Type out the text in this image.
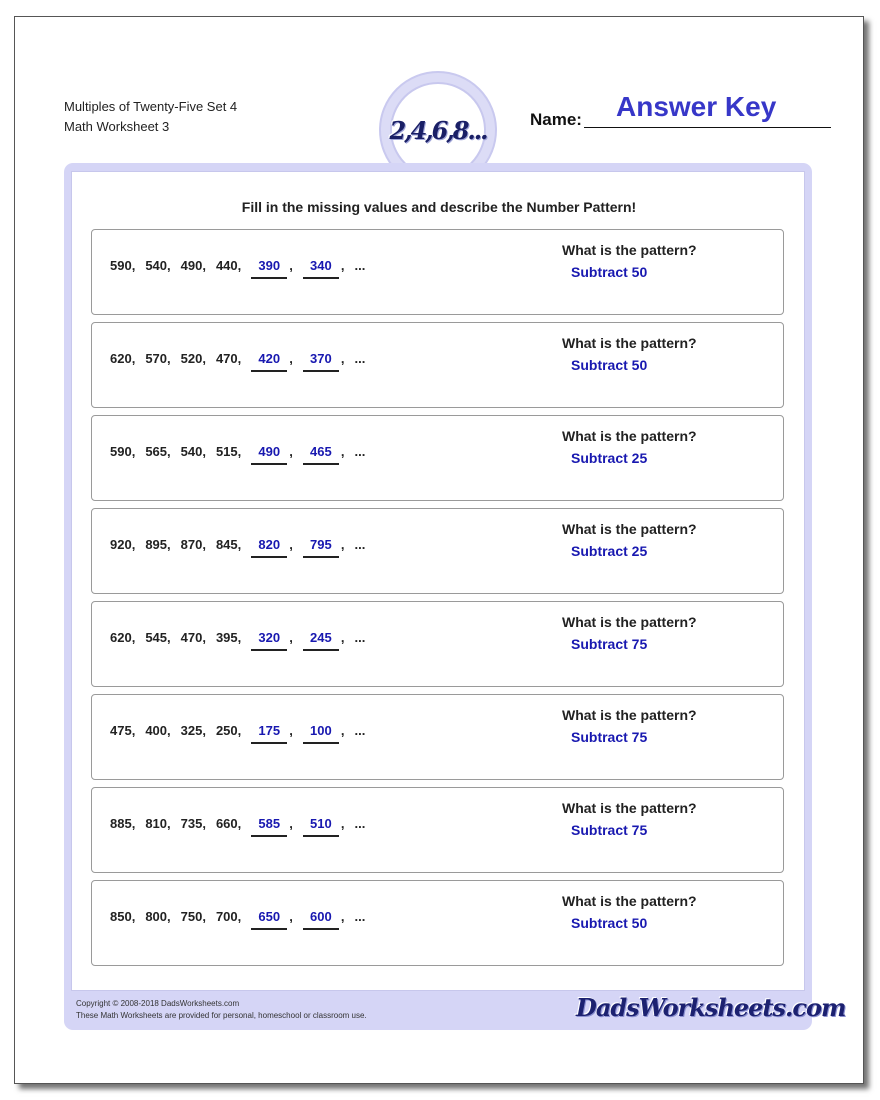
Multiples of Twenty-Five Set 4
Math Worksheet 3	2,4,6,8...	Name: Answer Key
Fill in the missing values and describe the Number Pattern!
590, 540, 490, 440, 390 , 340 , ...
What is the pattern?
Subtract 50
620, 570, 520, 470, 420 , 370 , ...
What is the pattern?
Subtract 50
590, 565, 540, 515, 490 , 465 , ...
What is the pattern?
Subtract 25
920, 895, 870, 845, 820 , 795 , ...
What is the pattern?
Subtract 25
620, 545, 470, 395, 320 , 245 , ...
What is the pattern?
Subtract 75
475, 400, 325, 250, 175 , 100 , ...
What is the pattern?
Subtract 75
885, 810, 735, 660, 585 , 510 , ...
What is the pattern?
Subtract 75
850, 800, 750, 700, 650 , 600 , ...
What is the pattern?
Subtract 50
Copyright © 2008-2018 DadsWorksheets.com
These Math Worksheets are provided for personal, homeschool or classroom use.	DadsWorksheets.com
